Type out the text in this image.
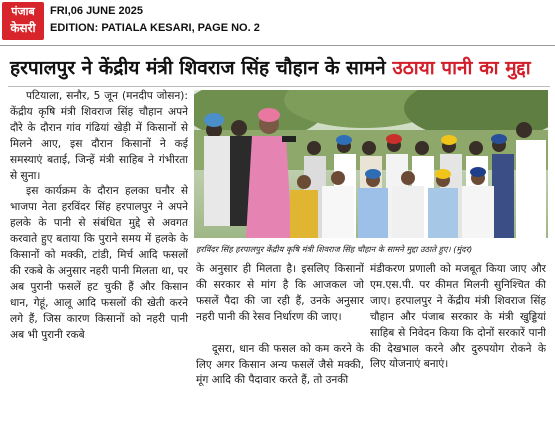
पंजाब
केसरी
FRI,06 JUNE 2025
EDITION: PATIALA KESARI, PAGE NO. 2
हरपालपुर ने केंद्रीय मंत्री शिवराज सिंह चौहान के सामने उठाया पानी का मुद्दा

पटियाला, सनौर, 5 जून (मनदीप जोसन): केंद्रीय कृषि मंत्री शिवराज सिंह चौहान अपने दौरे के दौरान गांव गंढियां खेड़ी में किसानों से मिलने आए, इस दौरान किसानों ने कई समस्याएं बताई, जिन्हें मंत्री साहिब ने गंभीरता से सुना।

इस कार्यक्रम के दौरान हलका घनौर से भाजपा नेता हरविंदर सिंह हरपालपुर ने अपने हलके के पानी से संबंधित मुद्दे से अवगत करवाते हुए बताया कि पुराने समय में हलके के किसानों को मक्की, टांडी, मिर्च आदि फसलों की रकबे के अनुसार नहरी पानी मिलता था, पर अब पुरानी फसलें हट चुकी हैं और किसान धान, गेहूं, आलू आदि फसलों की खेती करने लगे हैं, जिस कारण किसानों को नहरी पानी अब भी पुरानी रकबे

हरविंदर सिंह हरपालपुर केंद्रीय कृषि मंत्री शिवराज सिंह चौहान के सामने मुद्दा उठाते हुए। (मुंदर)

के अनुसार ही मिलता है। इसलिए किसानों की सरकार से मांग है कि आजकल जो फसलें पैदा की जा रही हैं, उनके अनुसार नहरी पानी की रेसव निर्धारण की जाए।

दूसरा, धान की फसल को कम करने के लिए अगर किसान अन्य फसलें जैसे मक्की, मूंग आदि की पैदावार करते हैं, तो उनकी

मंडीकरण प्रणाली को मजबूत किया जाए और एम.एस.पी. पर कीमत मिलनी सुनिश्चित की जाए। हरपालपुर ने केंद्रीय मंत्री शिवराज सिंह चौहान और पंजाब सरकार के मंत्री खुड्डियां साहिब से निवेदन किया कि दोनों सरकारें पानी की देखभाल करने और दुरुपयोग रोकने के लिए योजनाएं बनाएं।
